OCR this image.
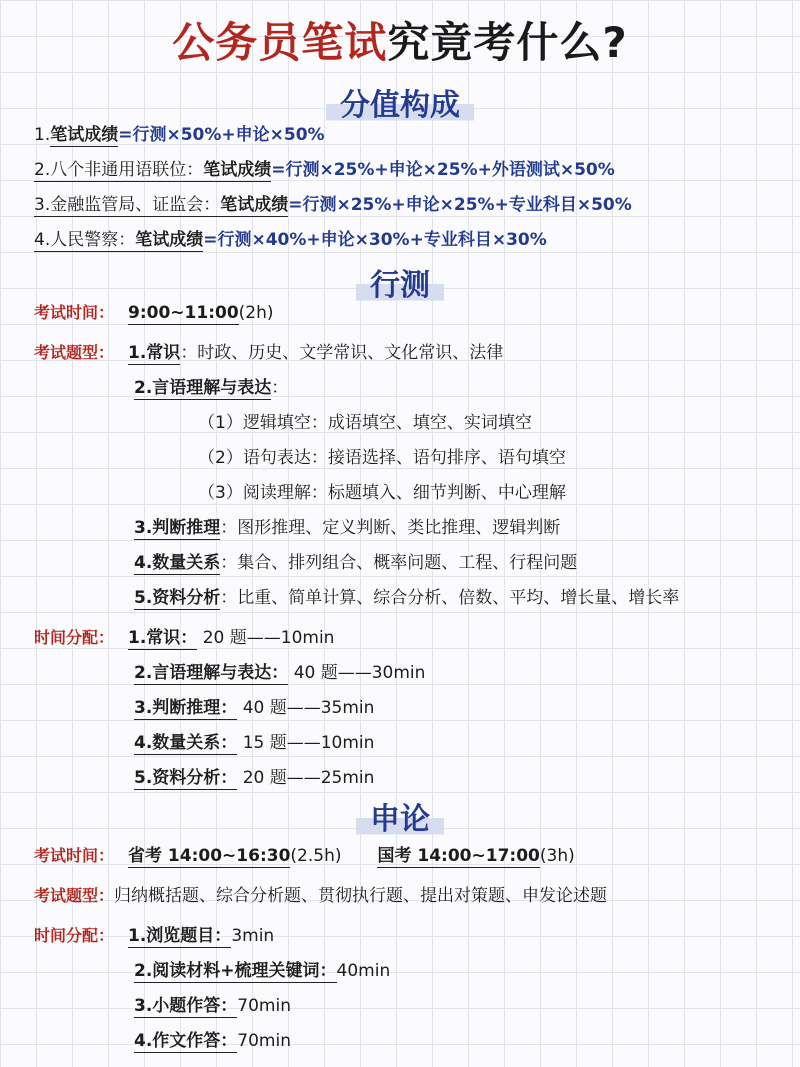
公务员笔试究竟考什么?
分值构成
1.笔试成绩=行测×50%+申论×50%
2.八个非通用语联位：笔试成绩=行测×25%+申论×25%+外语测试×50%
3.金融监管局、证监会：笔试成绩=行测×25%+申论×25%+专业科目×50%
4.人民警察：笔试成绩=行测×40%+申论×30%+专业科目×30%
行测
考试时间： 9:00~11:00(2h)
考试题型： 1.常识：时政、历史、文学常识、文化常识、法律
2.言语理解与表达：
（1）逻辑填空：成语填空、填空、实词填空
（2）语句表达：接语选择、语句排序、语句填空
（3）阅读理解：标题填入、细节判断、中心理解
3.判断推理：图形推理、定义判断、类比推理、逻辑判断
4.数量关系：集合、排列组合、概率问题、工程、行程问题
5.资料分析：比重、简单计算、综合分析、倍数、平均、增长量、增长率
时间分配： 1.常识： 20 题——10min
2.言语理解与表达： 40 题——30min
3.判断推理： 40 题——35min
4.数量关系： 15 题——10min
5.资料分析： 20 题——25min
申论
考试时间： 省考 14:00~16:30(2.5h) 国考 14:00~17:00(3h)
考试题型：归纳概括题、综合分析题、贯彻执行题、提出对策题、申发论述题
时间分配： 1.浏览题目：3min
2.阅读材料+梳理关键词：40min
3.小题作答：70min
4.作文作答：70min
